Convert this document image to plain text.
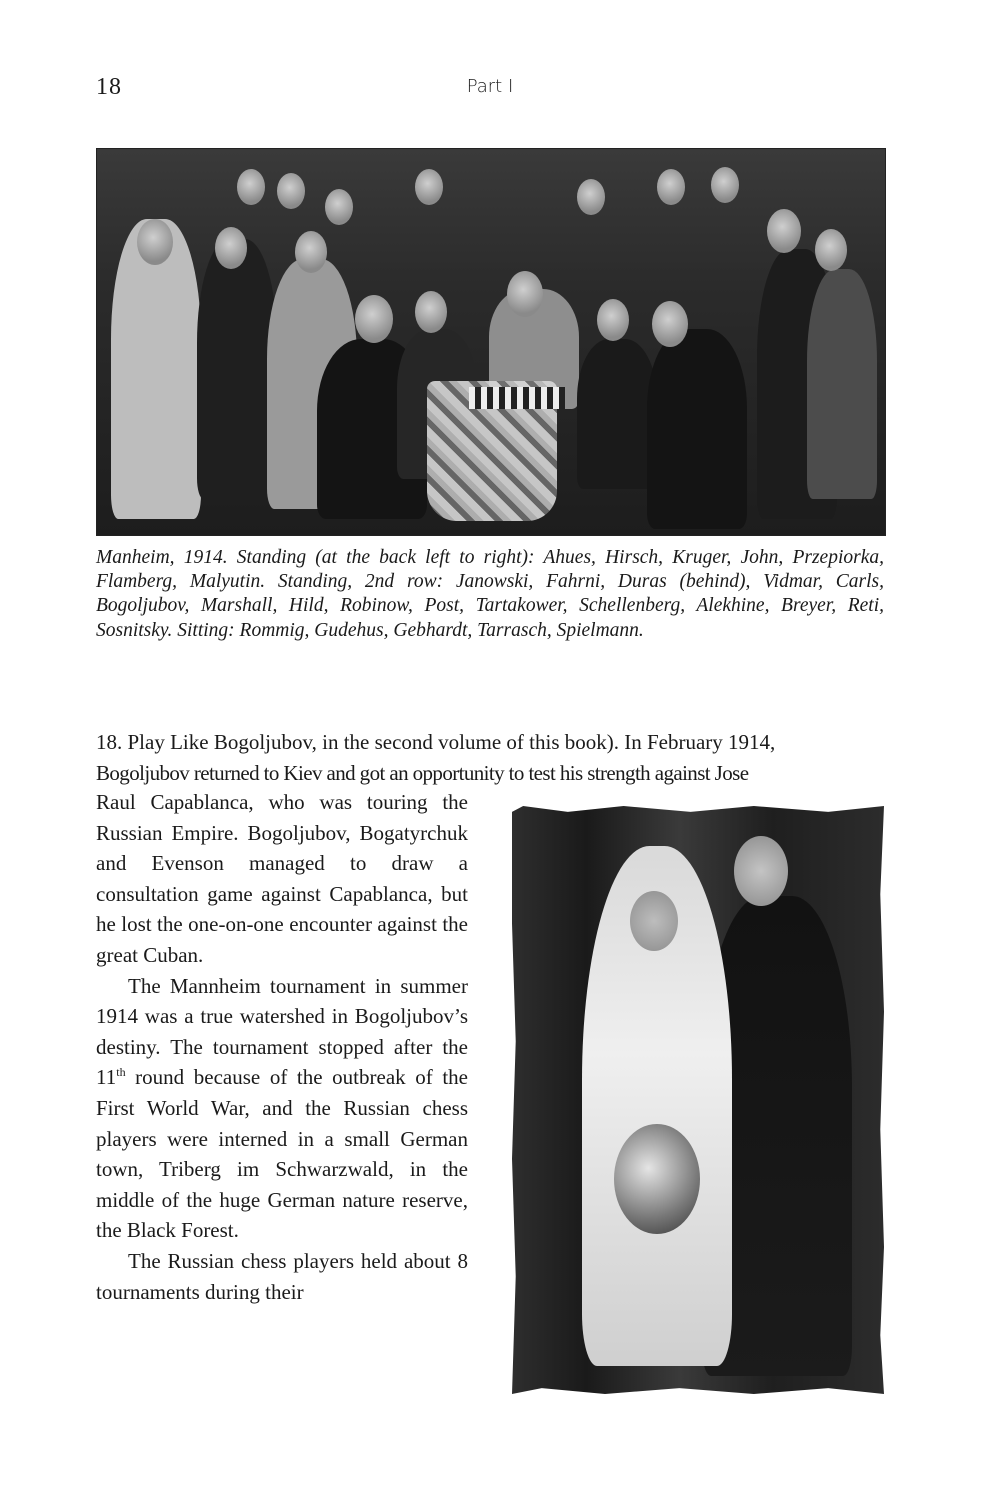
18	Part I
Manheim, 1914. Standing (at the back left to right): Ahues, Hirsch, Kruger, John, Przepiorka, Flamberg, Malyutin. Standing, 2nd row: Janowski, Fahrni, Duras (behind), Vidmar, Carls, Bogoljubov, Marshall, Hild, Robinow, Post, Tartakower, Schellenberg, Alekhine, Breyer, Reti, Sosnitsky. Sitting: Rommig, Gudehus, Gebhardt, Tarrasch, Spielmann.
18. Play Like Bogoljubov, in the second volume of this book). In February 1914,
Bogoljubov returned to Kiev and got an opportunity to test his strength against Jose

Raul Capablanca, who was touring the Russian Empire. Bogoljubov, Bogatyrchuk and Evenson managed to draw a consultation game against Capablanca, but he lost the one-on-one encounter against the great Cuban.

The Mannheim tournament in summer 1914 was a true watershed in Bogoljubov’s destiny. The tournament stopped after the 11th round because of the outbreak of the First World War, and the Russian chess players were interned in a small German town, Triberg im Schwarzwald, in the middle of the huge German nature reserve, the Black Forest.

The Russian chess players held about 8 tournaments during their
